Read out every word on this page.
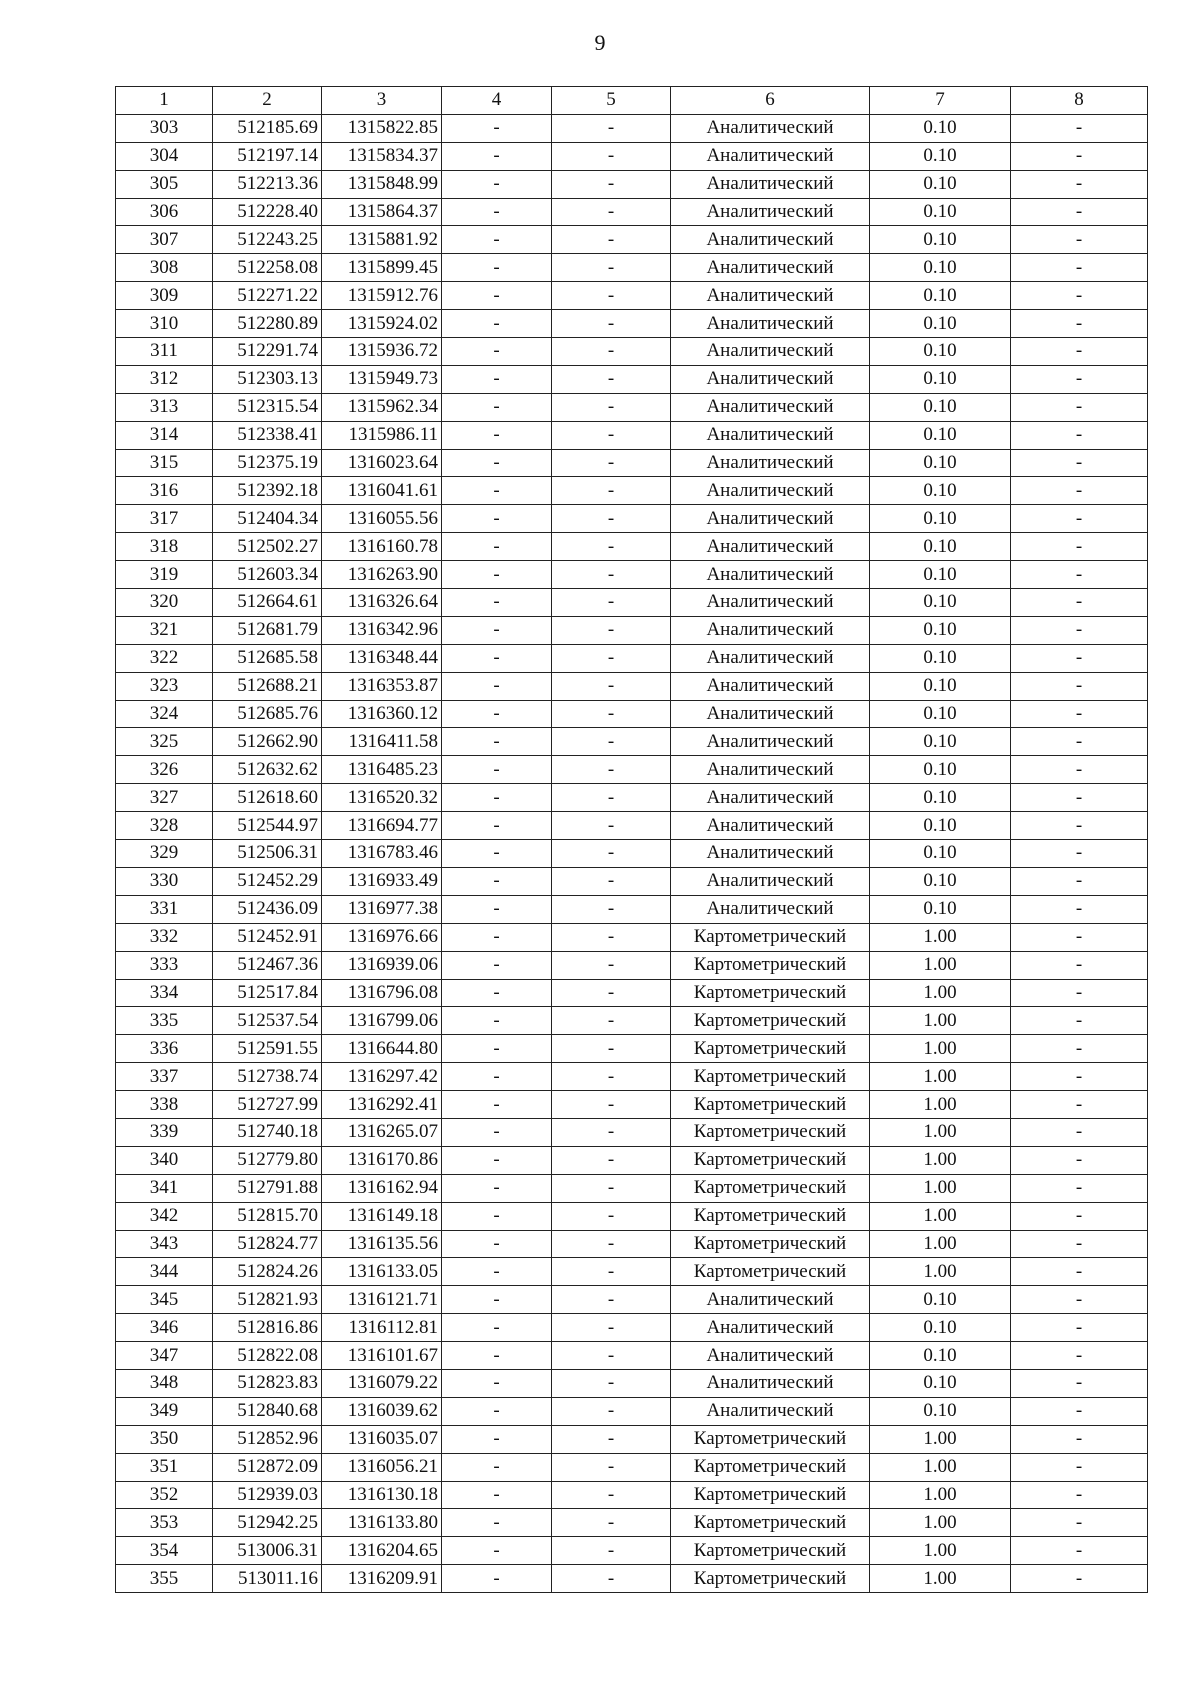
9
1	2	3	4	5	6	7	8
303	512185.69	1315822.85	-	-	Аналитический	0.10	-
304	512197.14	1315834.37	-	-	Аналитический	0.10	-
305	512213.36	1315848.99	-	-	Аналитический	0.10	-
306	512228.40	1315864.37	-	-	Аналитический	0.10	-
307	512243.25	1315881.92	-	-	Аналитический	0.10	-
308	512258.08	1315899.45	-	-	Аналитический	0.10	-
309	512271.22	1315912.76	-	-	Аналитический	0.10	-
310	512280.89	1315924.02	-	-	Аналитический	0.10	-
311	512291.74	1315936.72	-	-	Аналитический	0.10	-
312	512303.13	1315949.73	-	-	Аналитический	0.10	-
313	512315.54	1315962.34	-	-	Аналитический	0.10	-
314	512338.41	1315986.11	-	-	Аналитический	0.10	-
315	512375.19	1316023.64	-	-	Аналитический	0.10	-
316	512392.18	1316041.61	-	-	Аналитический	0.10	-
317	512404.34	1316055.56	-	-	Аналитический	0.10	-
318	512502.27	1316160.78	-	-	Аналитический	0.10	-
319	512603.34	1316263.90	-	-	Аналитический	0.10	-
320	512664.61	1316326.64	-	-	Аналитический	0.10	-
321	512681.79	1316342.96	-	-	Аналитический	0.10	-
322	512685.58	1316348.44	-	-	Аналитический	0.10	-
323	512688.21	1316353.87	-	-	Аналитический	0.10	-
324	512685.76	1316360.12	-	-	Аналитический	0.10	-
325	512662.90	1316411.58	-	-	Аналитический	0.10	-
326	512632.62	1316485.23	-	-	Аналитический	0.10	-
327	512618.60	1316520.32	-	-	Аналитический	0.10	-
328	512544.97	1316694.77	-	-	Аналитический	0.10	-
329	512506.31	1316783.46	-	-	Аналитический	0.10	-
330	512452.29	1316933.49	-	-	Аналитический	0.10	-
331	512436.09	1316977.38	-	-	Аналитический	0.10	-
332	512452.91	1316976.66	-	-	Картометрический	1.00	-
333	512467.36	1316939.06	-	-	Картометрический	1.00	-
334	512517.84	1316796.08	-	-	Картометрический	1.00	-
335	512537.54	1316799.06	-	-	Картометрический	1.00	-
336	512591.55	1316644.80	-	-	Картометрический	1.00	-
337	512738.74	1316297.42	-	-	Картометрический	1.00	-
338	512727.99	1316292.41	-	-	Картометрический	1.00	-
339	512740.18	1316265.07	-	-	Картометрический	1.00	-
340	512779.80	1316170.86	-	-	Картометрический	1.00	-
341	512791.88	1316162.94	-	-	Картометрический	1.00	-
342	512815.70	1316149.18	-	-	Картометрический	1.00	-
343	512824.77	1316135.56	-	-	Картометрический	1.00	-
344	512824.26	1316133.05	-	-	Картометрический	1.00	-
345	512821.93	1316121.71	-	-	Аналитический	0.10	-
346	512816.86	1316112.81	-	-	Аналитический	0.10	-
347	512822.08	1316101.67	-	-	Аналитический	0.10	-
348	512823.83	1316079.22	-	-	Аналитический	0.10	-
349	512840.68	1316039.62	-	-	Аналитический	0.10	-
350	512852.96	1316035.07	-	-	Картометрический	1.00	-
351	512872.09	1316056.21	-	-	Картометрический	1.00	-
352	512939.03	1316130.18	-	-	Картометрический	1.00	-
353	512942.25	1316133.80	-	-	Картометрический	1.00	-
354	513006.31	1316204.65	-	-	Картометрический	1.00	-
355	513011.16	1316209.91	-	-	Картометрический	1.00	-
